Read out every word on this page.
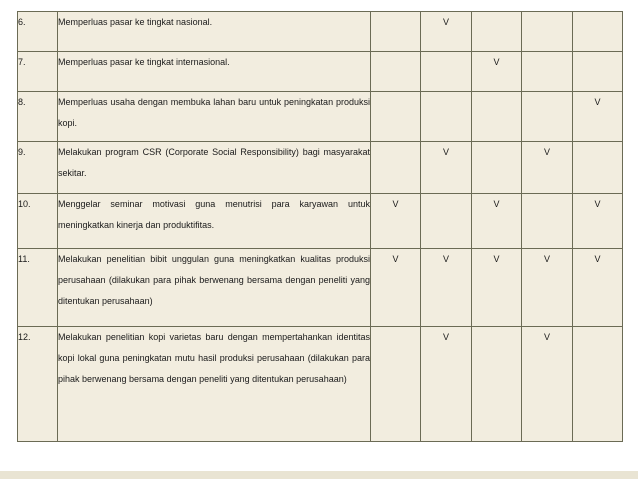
6.	Memperluas pasar ke tingkat nasional.		V			
7.	Memperluas pasar ke tingkat internasional.			V		
8.	Memperluas usaha dengan membuka lahan baru untuk peningkatan produksi kopi.					V
9.	Melakukan program CSR (Corporate Social Responsibility) bagi masyarakat sekitar.		V		V	
10.	Menggelar seminar motivasi guna menutrisi para karyawan untuk meningkatkan kinerja dan produktifitas.	V		V		V
11.	Melakukan penelitian bibit unggulan guna meningkatkan kualitas produksi perusahaan (dilakukan para pihak berwenang bersama dengan peneliti yang ditentukan perusahaan)	V	V	V	V	V
12.	Melakukan penelitian kopi varietas baru dengan mempertahankan identitas kopi lokal guna peningkatan mutu hasil produksi perusahaan (dilakukan para pihak berwenang bersama dengan peneliti yang ditentukan perusahaan)		V		V	
